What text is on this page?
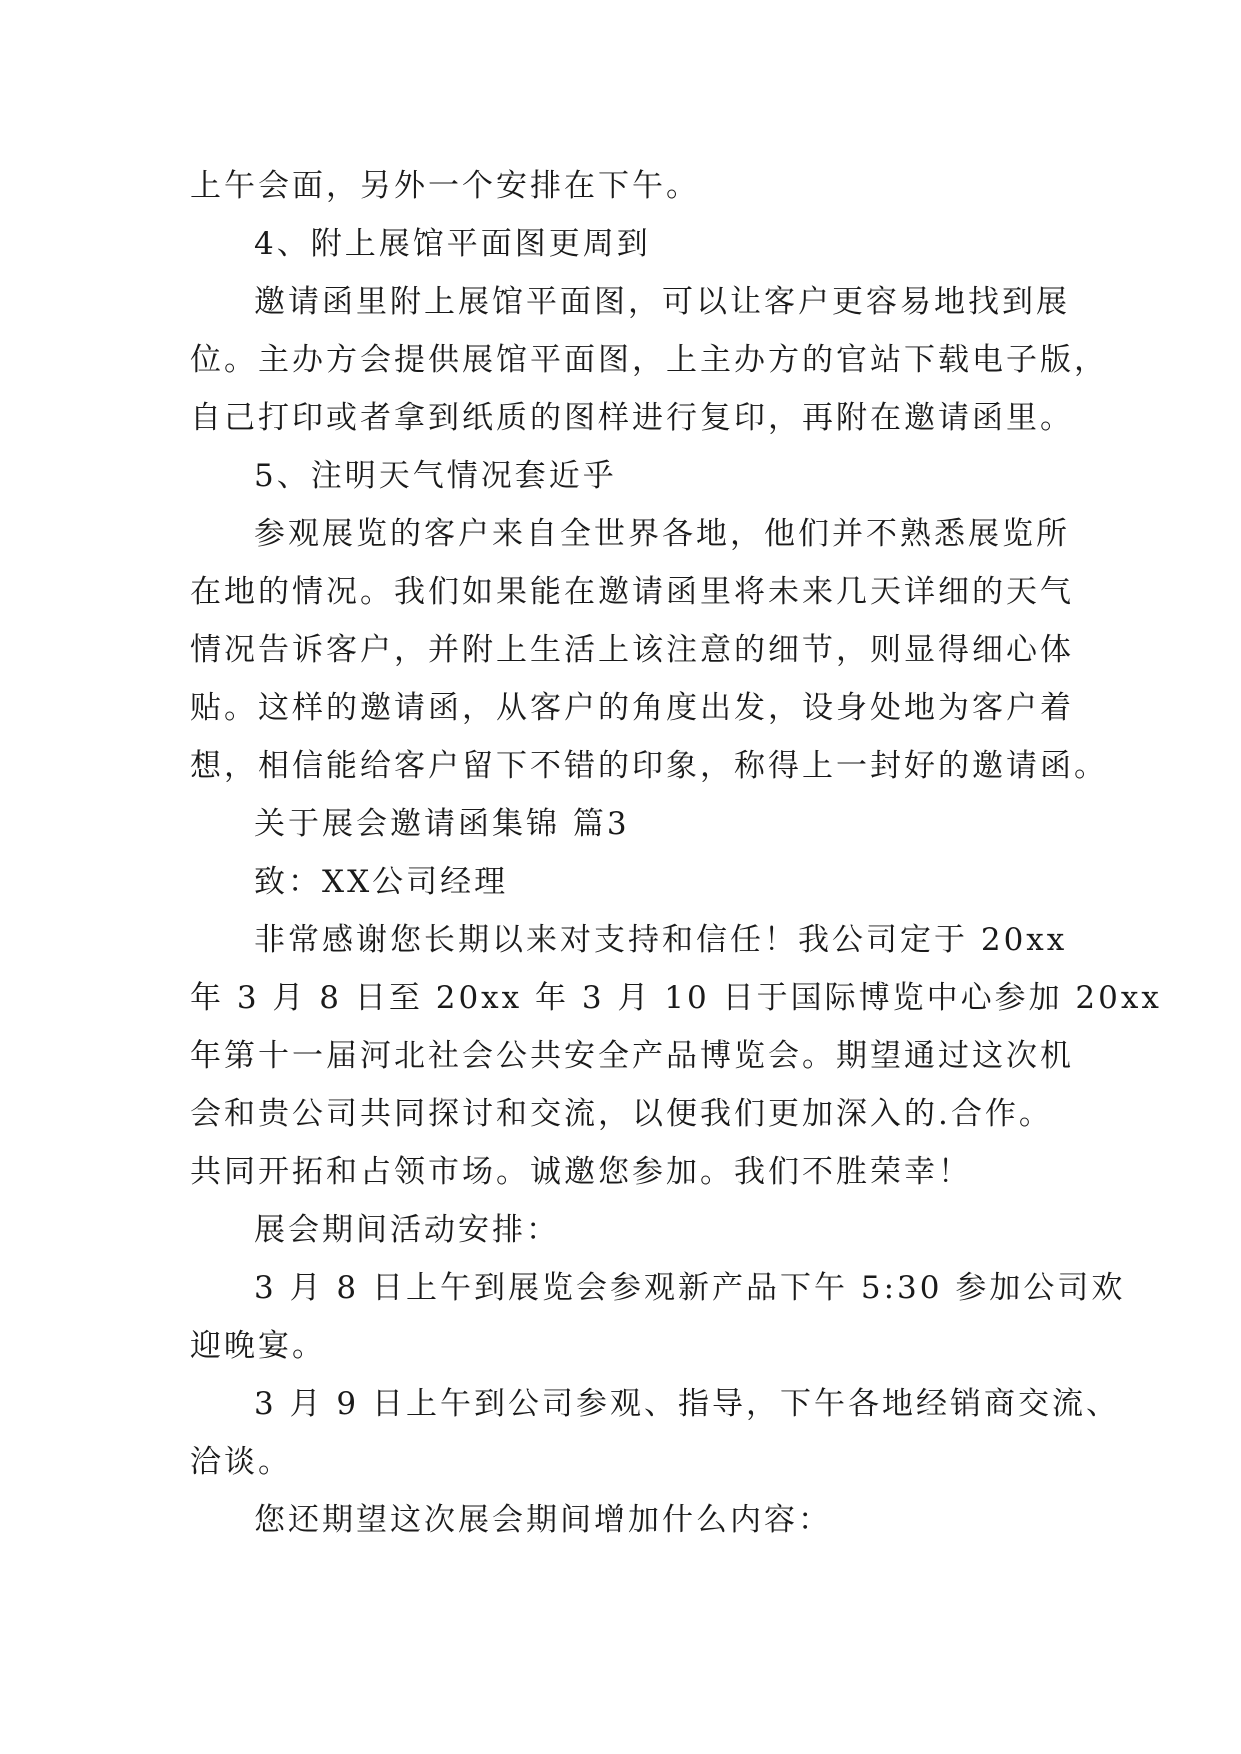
上午会面，另外一个安排在下午。
4、附上展馆平面图更周到
邀请函里附上展馆平面图，可以让客户更容易地找到展
位。主办方会提供展馆平面图，上主办方的官站下载电子版，
自己打印或者拿到纸质的图样进行复印，再附在邀请函里。
5、注明天气情况套近乎
参观展览的客户来自全世界各地，他们并不熟悉展览所
在地的情况。我们如果能在邀请函里将未来几天详细的天气
情况告诉客户，并附上生活上该注意的细节，则显得细心体
贴。这样的邀请函，从客户的角度出发，设身处地为客户着
想，相信能给客户留下不错的印象，称得上一封好的邀请函。
关于展会邀请函集锦 篇3
致：XX公司经理
非常感谢您长期以来对支持和信任！我公司定于 20xx
年 3 月 8 日至 20xx 年 3 月 10 日于国际博览中心参加 20xx
年第十一届河北社会公共安全产品博览会。期望通过这次机
会和贵公司共同探讨和交流，以便我们更加深入的.合作。
共同开拓和占领市场。诚邀您参加。我们不胜荣幸！
展会期间活动安排：
3 月 8 日上午到展览会参观新产品下午 5:30 参加公司欢
迎晚宴。
3 月 9 日上午到公司参观、指导，下午各地经销商交流、
洽谈。
您还期望这次展会期间增加什么内容：
